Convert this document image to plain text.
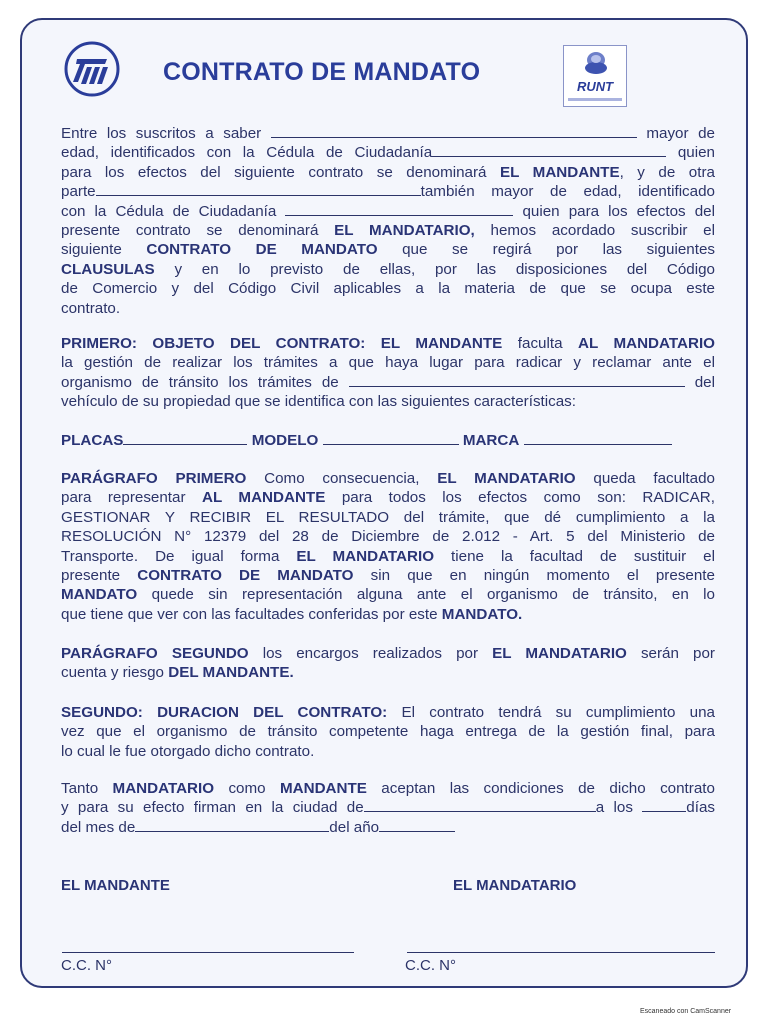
CONTRATO DE MANDATO
RUNT
Entre los suscritos a saber	mayor de
edad, identificados con la Cédula de Ciudadanía	quien
para los efectos del siguiente contrato se denominará EL MANDANTE, y de otra
parte	también mayor de edad, identificado
con la Cédula de Ciudadanía	quien para los efectos del
presente contrato se denominará EL MANDATARIO, hemos acordado suscribir el
siguiente CONTRATO DE MANDATO que se regirá por las siguientes
CLAUSULAS y en lo previsto de ellas, por las disposiciones del Código
de Comercio y del Código Civil aplicables a la materia de que se ocupa este
contrato.
PRIMERO: OBJETO DEL CONTRATO: EL MANDANTE faculta AL MANDATARIO
la gestión de realizar los trámites a que haya lugar para radicar y reclamar ante el
organismo de tránsito los trámites de	del
vehículo de su propiedad que se identifica con las siguientes características:
PLACAS	MODELO	MARCA
PARÁGRAFO PRIMERO Como consecuencia, EL MANDATARIO queda facultado
para representar AL MANDANTE para todos los efectos como son: RADICAR,
GESTIONAR Y RECIBIR EL RESULTADO del trámite, que dé cumplimiento a la
RESOLUCIÓN N° 12379 del 28 de Diciembre de 2.012 - Art. 5 del Ministerio de
Transporte. De igual forma EL MANDATARIO tiene la facultad de sustituir el
presente CONTRATO DE MANDATO sin que en ningún momento el presente
MANDATO quede sin representación alguna ante el organismo de tránsito, en lo
que tiene que ver con las facultades conferidas por este MANDATO.
PARÁGRAFO SEGUNDO los encargos realizados por EL MANDATARIO serán por
cuenta y riesgo DEL MANDANTE.
SEGUNDO: DURACION DEL CONTRATO: El contrato tendrá su cumplimiento una
vez que el organismo de tránsito competente haga entrega de la gestión final, para
lo cual le fue otorgado dicho contrato.
Tanto MANDATARIO como MANDANTE aceptan las condiciones de dicho contrato
y para su efecto firman en la ciudad de	a los	días
del mes de	del año
EL MANDANTE	EL MANDATARIO
C.C. N°	C.C. N°
Escaneado con CamScanner
